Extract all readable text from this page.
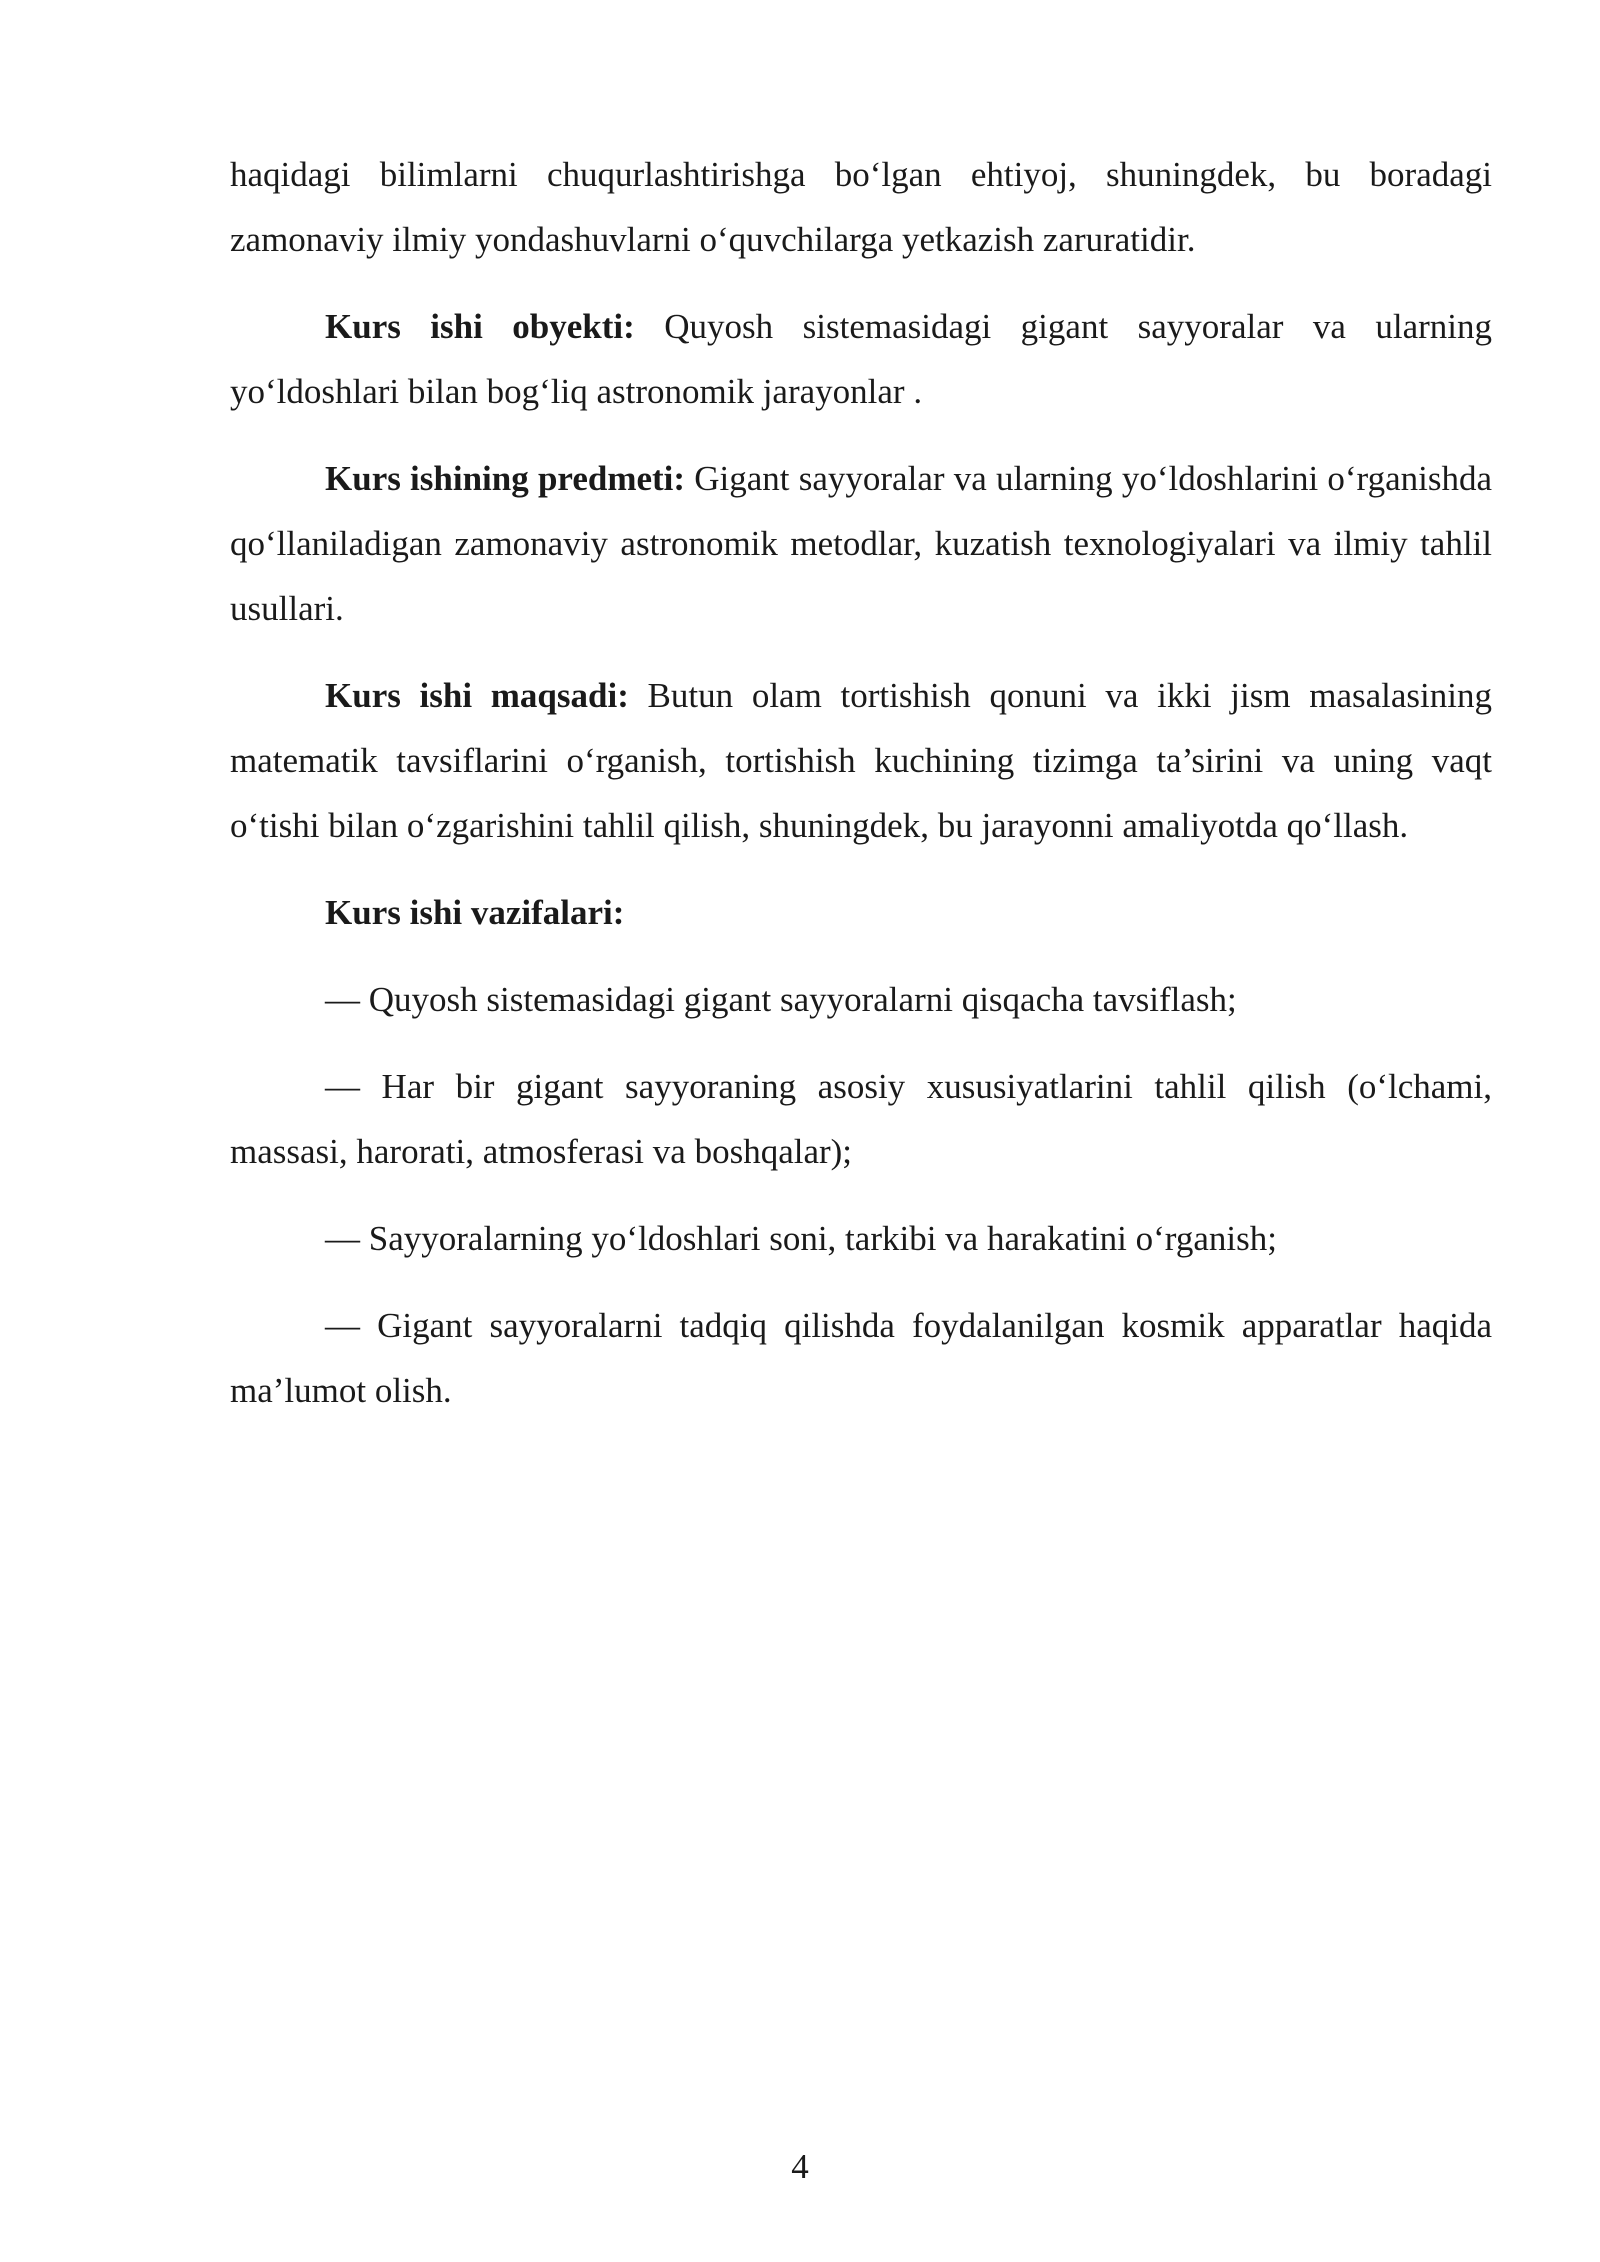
haqidagi bilimlarni chuqurlashtirishga bo‘lgan ehtiyoj, shuningdek, bu boradagi zamonaviy ilmiy yondashuvlarni o‘quvchilarga yetkazish zaruratidir.

Kurs ishi obyekti: Quyosh sistemasidagi gigant sayyoralar va ularning yo‘ldoshlari bilan bog‘liq astronomik jarayonlar .

Kurs ishining predmeti: Gigant sayyoralar va ularning yo‘ldoshlarini o‘rganishda qo‘llaniladigan zamonaviy astronomik metodlar, kuzatish texnologiyalari va ilmiy tahlil usullari.

Kurs ishi maqsadi: Butun olam tortishish qonuni va ikki jism masalasining matematik tavsiflarini o‘rganish, tortishish kuchining tizimga ta’sirini va uning vaqt o‘tishi bilan o‘zgarishini tahlil qilish, shuningdek, bu jarayonni amaliyotda qo‘llash.

Kurs ishi vazifalari:

— Quyosh sistemasidagi gigant sayyoralarni qisqacha tavsiflash;

— Har bir gigant sayyoraning asosiy xususiyatlarini tahlil qilish (o‘lchami, massasi, harorati, atmosferasi va boshqalar);

— Sayyoralarning yo‘ldoshlari soni, tarkibi va harakatini o‘rganish;

— Gigant sayyoralarni tadqiq qilishda foydalanilgan kosmik apparatlar haqida ma’lumot olish.

4
